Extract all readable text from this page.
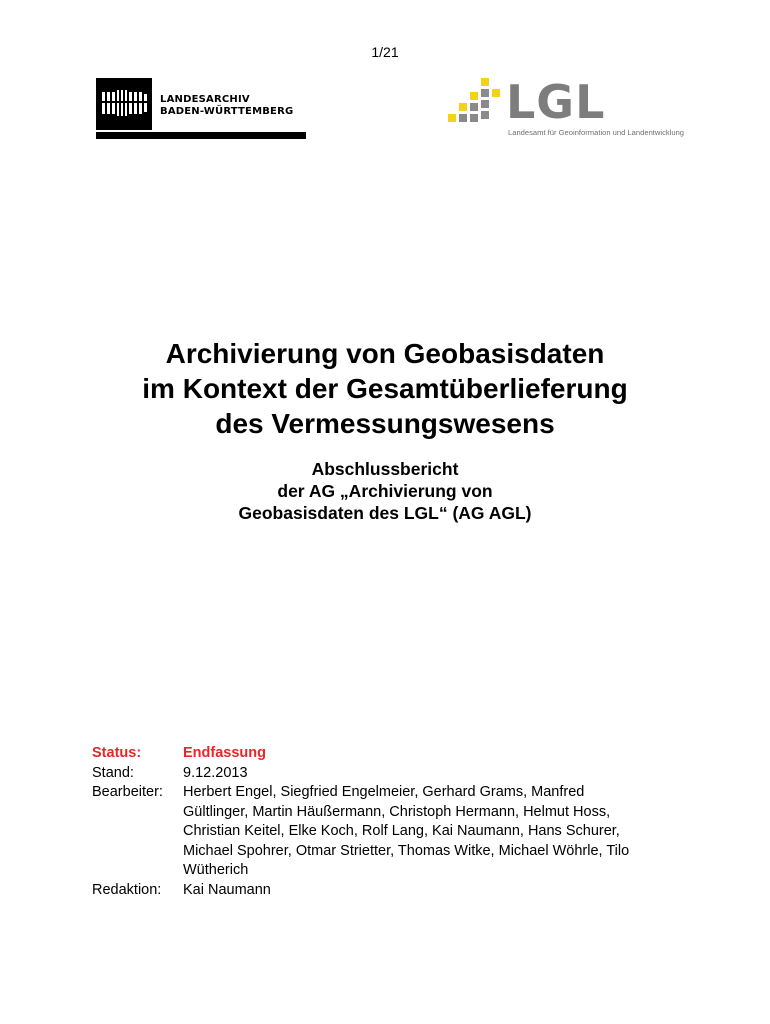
1/21
LANDESARCHIV
BADEN-WÜRTTEMBERG	LGL
Landesamt für Geoinformation und Landentwicklung
Archivierung von Geobasisdaten
im Kontext der Gesamtüberlieferung
des Vermessungswesens
Abschlussbericht
der AG „Archivierung von
Geobasisdaten des LGL“ (AG AGL)
Status:	Endfassung
Stand:	9.12.2013
Bearbeiter:	Herbert Engel, Siegfried Engelmeier, Gerhard Grams, Manfred
Gültlinger, Martin Häußermann, Christoph Hermann, Helmut Hoss,
Christian Keitel, Elke Koch, Rolf Lang, Kai Naumann, Hans Schurer,
Michael Spohrer, Otmar Strietter, Thomas Witke, Michael Wöhrle, Tilo
Wütherich
Redaktion:	Kai Naumann
